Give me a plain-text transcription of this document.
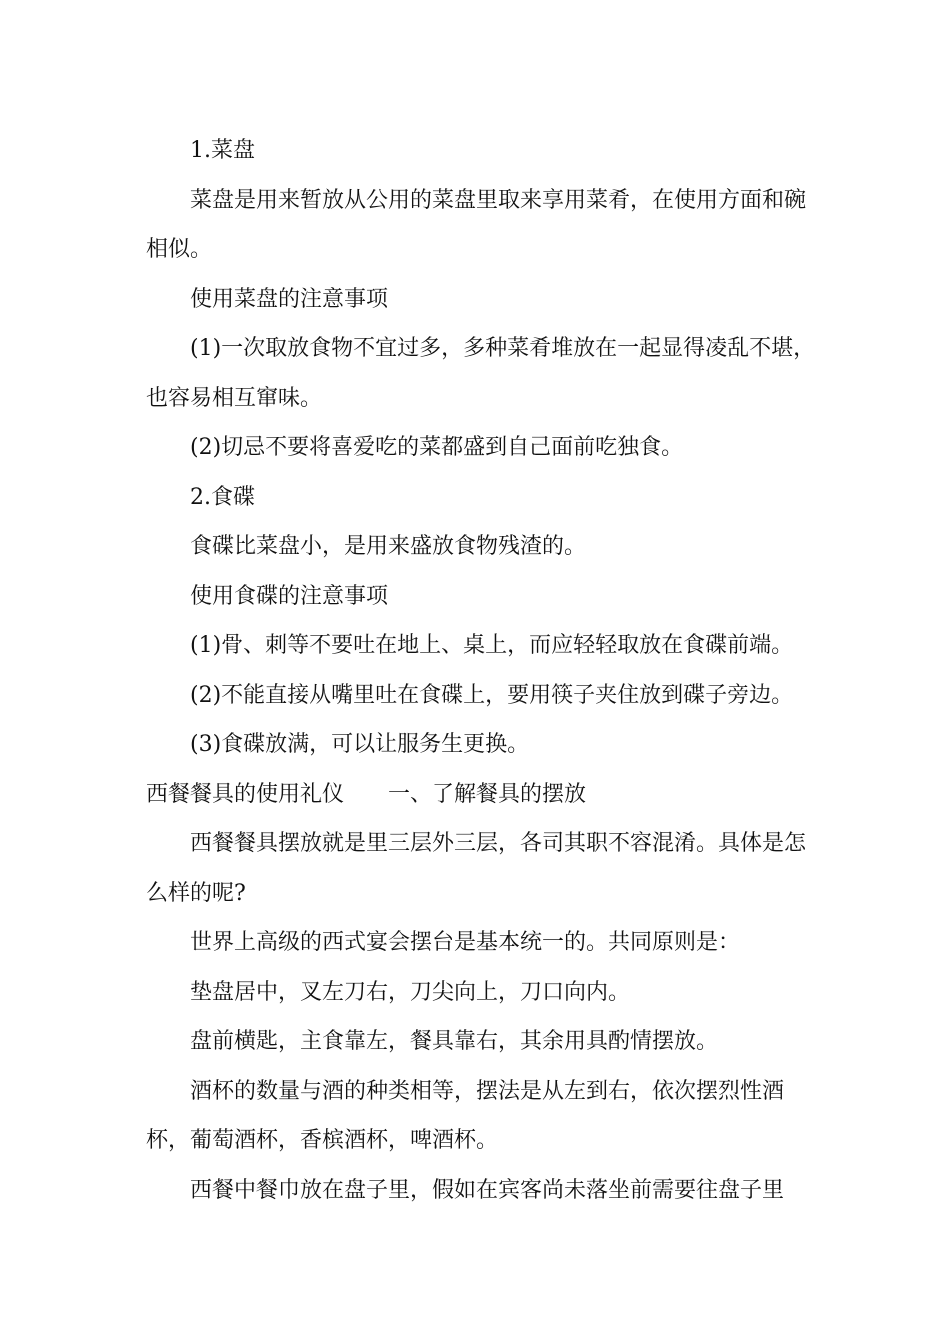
1.菜盘

菜盘是用来暂放从公用的菜盘里取来享用菜肴，在使用方面和碗相似。

使用菜盘的注意事项

(1)一次取放食物不宜过多，多种菜肴堆放在一起显得凌乱不堪，也容易相互窜味。

(2)切忌不要将喜爱吃的菜都盛到自己面前吃独食。

2.食碟

食碟比菜盘小，是用来盛放食物残渣的。

使用食碟的注意事项

(1)骨、刺等不要吐在地上、桌上，而应轻轻取放在食碟前端。

(2)不能直接从嘴里吐在食碟上，要用筷子夹住放到碟子旁边。

(3)食碟放满，可以让服务生更换。

西餐餐具的使用礼仪　　一、了解餐具的摆放

西餐餐具摆放就是里三层外三层，各司其职不容混淆。具体是怎么样的呢?

世界上高级的西式宴会摆台是基本统一的。共同原则是：

垫盘居中，叉左刀右，刀尖向上，刀口向内。

盘前横匙，主食靠左，餐具靠右，其余用具酌情摆放。

酒杯的数量与酒的种类相等，摆法是从左到右，依次摆烈性酒杯，葡萄酒杯，香槟酒杯，啤酒杯。

西餐中餐巾放在盘子里，假如在宾客尚未落坐前需要往盘子里
